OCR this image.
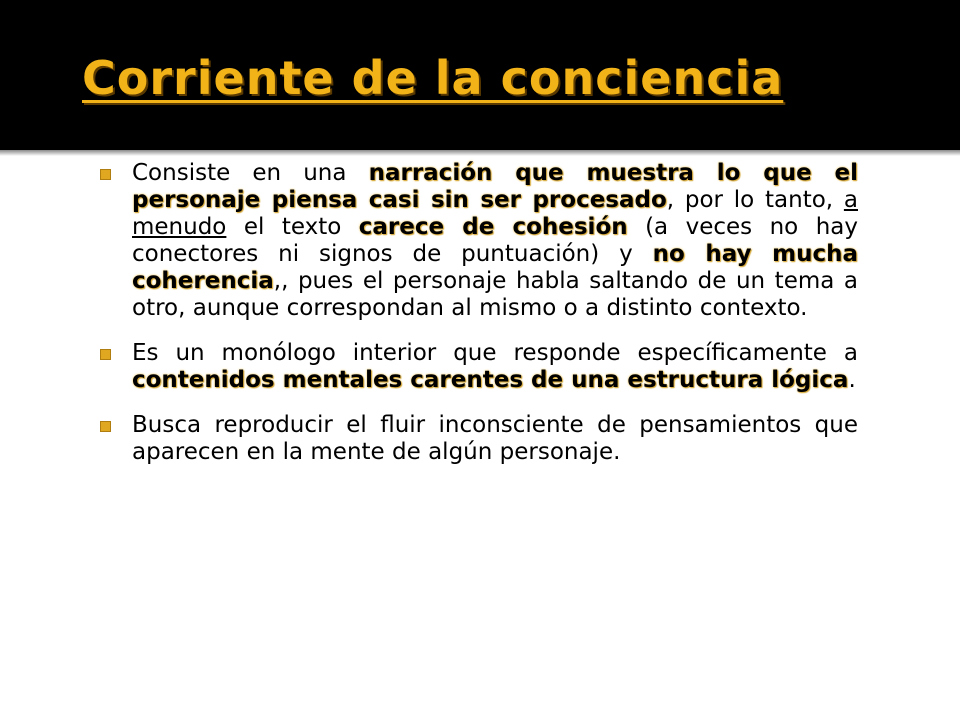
Corriente de la conciencia

Consiste en una narración que muestra lo que el personaje piensa casi sin ser procesado, por lo tanto, a menudo el texto carece de cohesión (a veces no hay conectores ni signos de puntuación) y no hay mucha coherencia,, pues el personaje habla saltando de un tema a otro, aunque correspondan al mismo o a distinto contexto.

Es un monólogo interior que responde específicamente a contenidos mentales carentes de una estructura lógica.

Busca reproducir el fluir inconsciente de pensamientos que aparecen en la mente de algún personaje.
